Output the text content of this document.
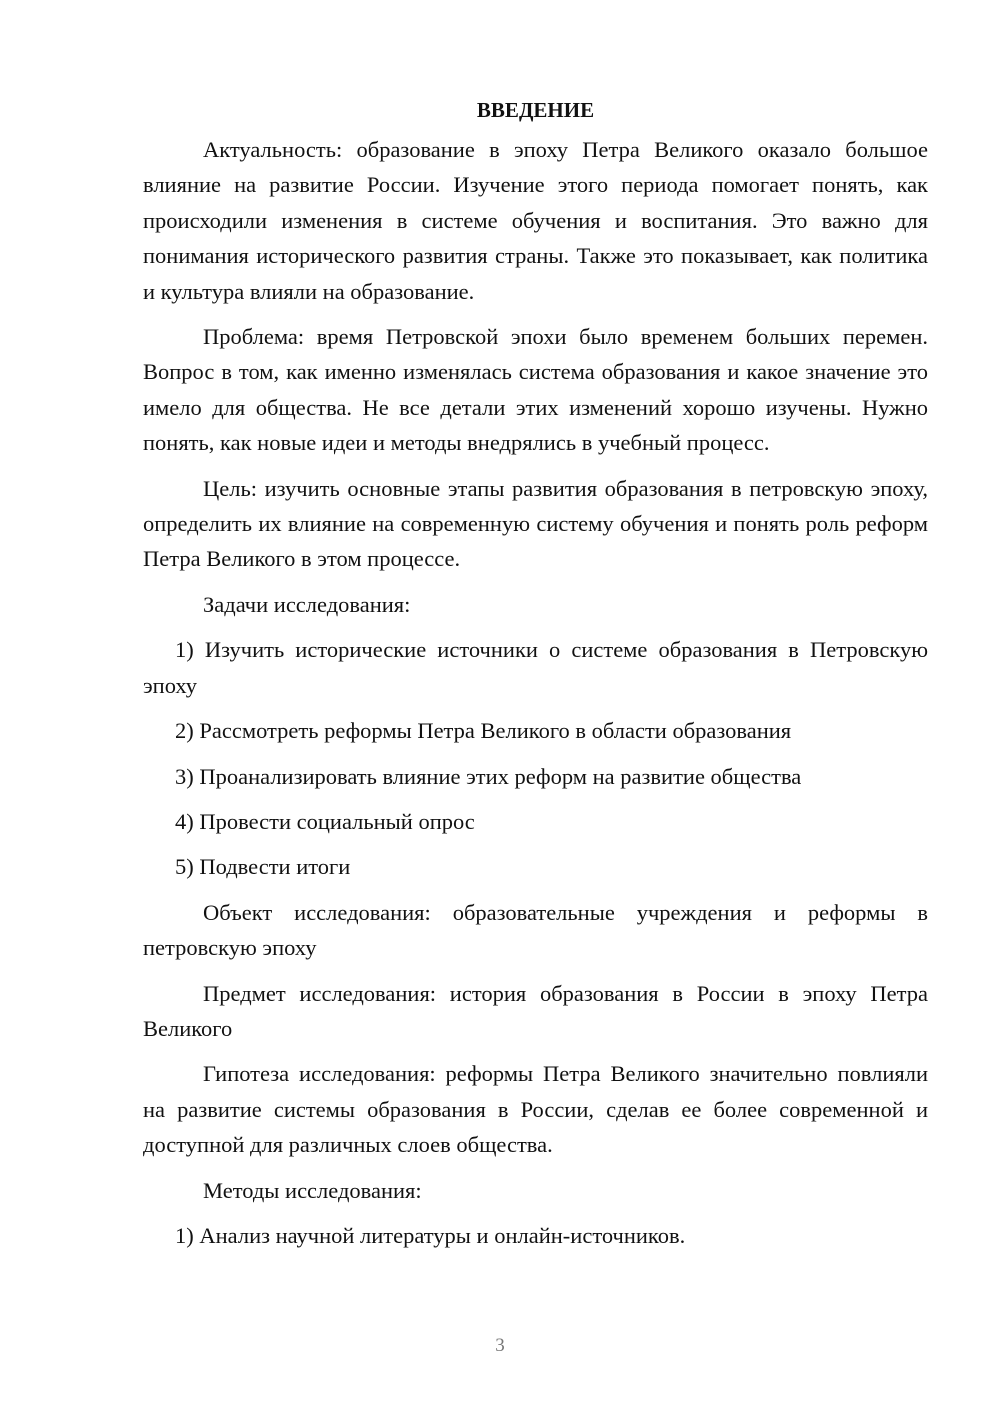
ВВЕДЕНИЕ

Актуальность: образование в эпоху Петра Великого оказало большое влияние на развитие России. Изучение этого периода помогает понять, как происходили изменения в системе обучения и воспитания. Это важно для понимания исторического развития страны. Также это показывает, как политика и культура влияли на образование.

Проблема: время Петровской эпохи было временем больших перемен. Вопрос в том, как именно изменялась система образования и какое значение это имело для общества. Не все детали этих изменений хорошо изучены. Нужно понять, как новые идеи и методы внедрялись в учебный процесс.

Цель: изучить основные этапы развития образования в петровскую эпоху, определить их влияние на современную систему обучения и понять роль реформ Петра Великого в этом процессе.

Задачи исследования:

1) Изучить исторические источники о системе образования в Петровскую эпоху

2) Рассмотреть реформы Петра Великого в области образования

3) Проанализировать влияние этих реформ на развитие общества

4) Провести социальный опрос

5) Подвести итоги

Объект исследования: образовательные учреждения и реформы в петровскую эпоху

Предмет исследования: история образования в России в эпоху Петра Великого

Гипотеза исследования: реформы Петра Великого значительно повлияли на развитие системы образования в России, сделав ее более современной и доступной для различных слоев общества.

Методы исследования:

1) Анализ научной литературы и онлайн-источников.

3
